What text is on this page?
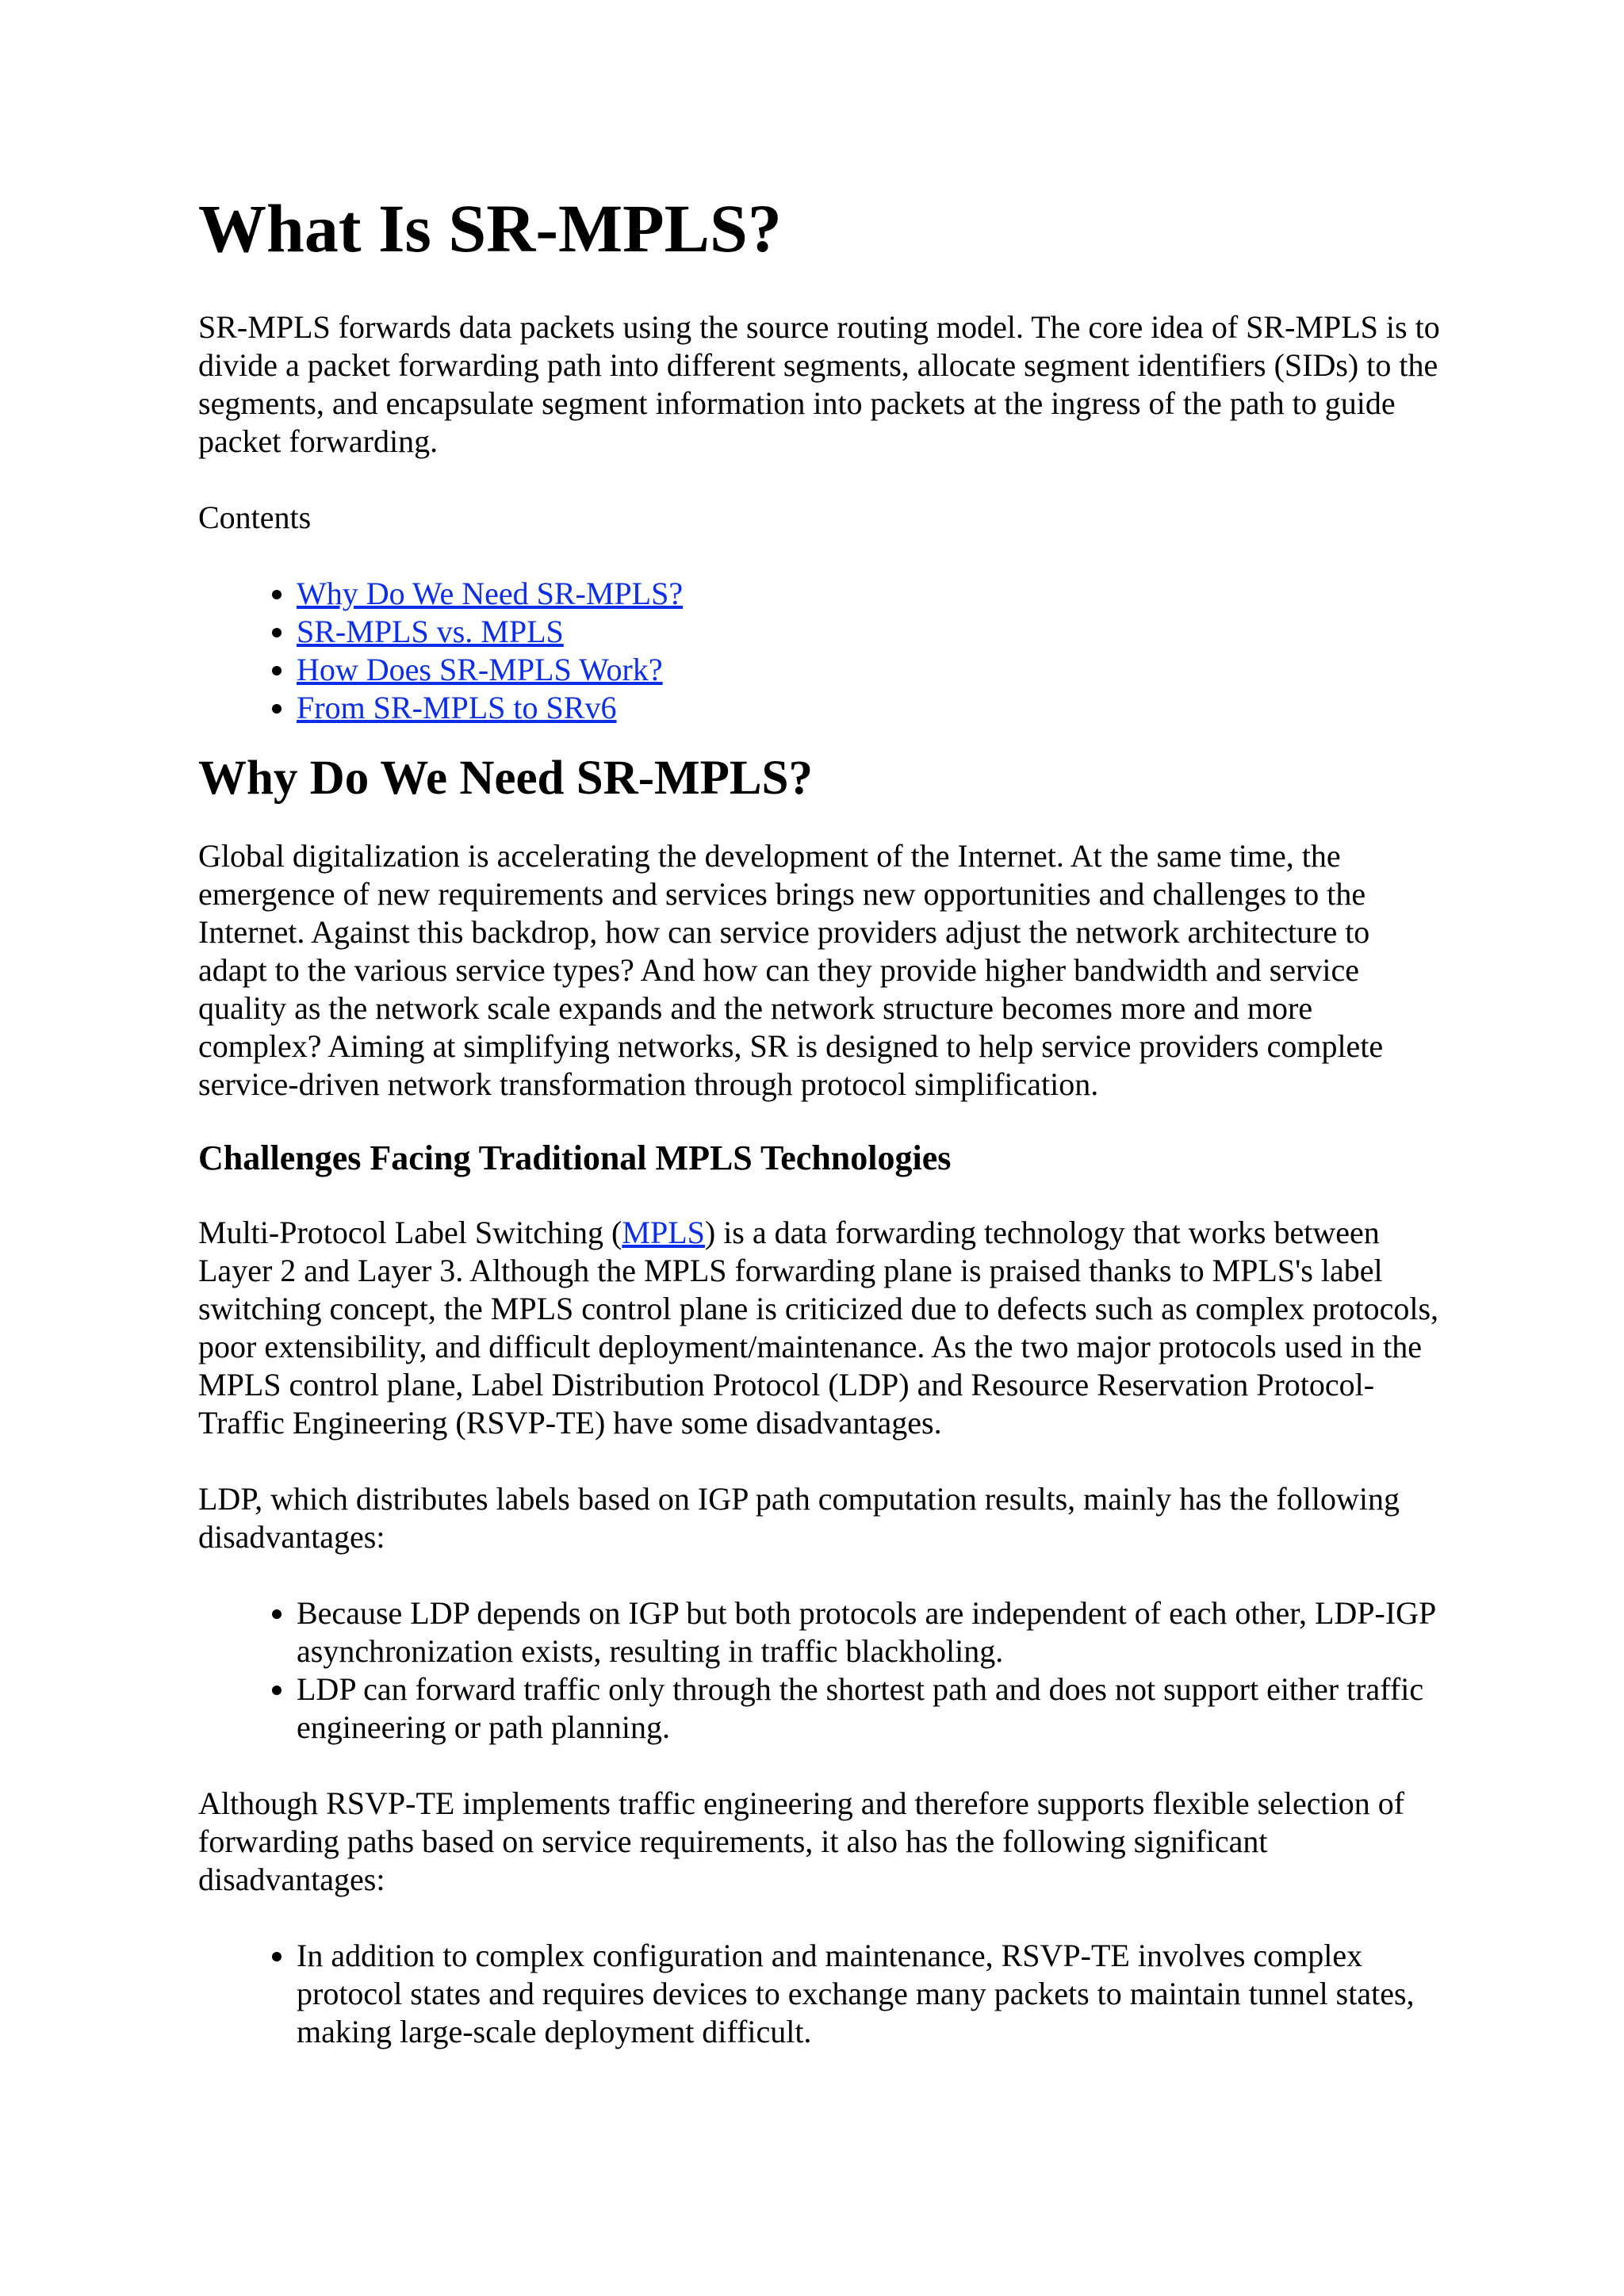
What Is SR-MPLS?

SR-MPLS forwards data packets using the source routing model. The core idea of SR-MPLS is to divide a packet forwarding path into different segments, allocate segment identifiers (SIDs) to the segments, and encapsulate segment information into packets at the ingress of the path to guide packet forwarding.

Contents

• Why Do We Need SR-MPLS?
• SR-MPLS vs. MPLS
• How Does SR-MPLS Work?
• From SR-MPLS to SRv6
Why Do We Need SR-MPLS?

Global digitalization is accelerating the development of the Internet. At the same time, the emergence of new requirements and services brings new opportunities and challenges to the Internet. Against this backdrop, how can service providers adjust the network architecture to adapt to the various service types? And how can they provide higher bandwidth and service quality as the network scale expands and the network structure becomes more and more complex? Aiming at simplifying networks, SR is designed to help service providers complete service-driven network transformation through protocol simplification.

Challenges Facing Traditional MPLS Technologies

Multi-Protocol Label Switching (MPLS) is a data forwarding technology that works between Layer 2 and Layer 3. Although the MPLS forwarding plane is praised thanks to MPLS's label switching concept, the MPLS control plane is criticized due to defects such as complex protocols, poor extensibility, and difficult deployment/maintenance. As the two major protocols used in the MPLS control plane, Label Distribution Protocol (LDP) and Resource Reservation Protocol-Traffic Engineering (RSVP-TE) have some disadvantages.

LDP, which distributes labels based on IGP path computation results, mainly has the following disadvantages:

• Because LDP depends on IGP but both protocols are independent of each other, LDP-IGP asynchronization exists, resulting in traffic blackholing.
• LDP can forward traffic only through the shortest path and does not support either traffic engineering or path planning.

Although RSVP-TE implements traffic engineering and therefore supports flexible selection of forwarding paths based on service requirements, it also has the following significant disadvantages:

• In addition to complex configuration and maintenance, RSVP-TE involves complex protocol states and requires devices to exchange many packets to maintain tunnel states, making large-scale deployment difficult.
